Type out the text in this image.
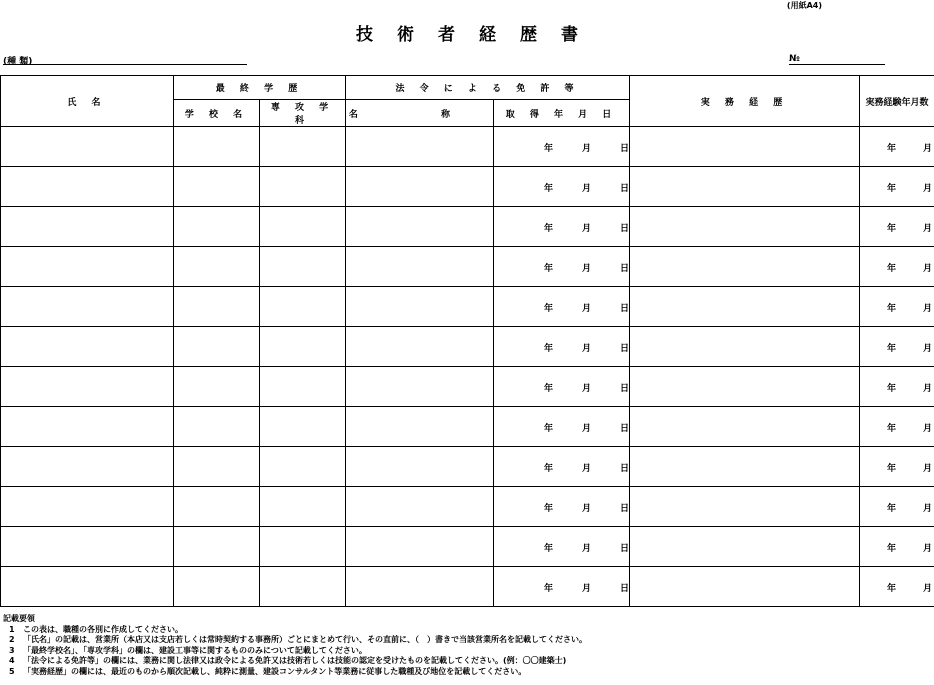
(用紙A4)
技術者経歴書
(種 類)	№
氏 名	最 終 学 歴		法 令 に よ る 免 許 等		実 務 経 歴	実務経験年月数
	学 校 名	専 攻 学 科	名 称	取 得 年 月 日		

				年 月 日		年 月

				年 月 日		年 月

				年 月 日		年 月

				年 月 日		年 月

				年 月 日		年 月

				年 月 日		年 月

				年 月 日		年 月

				年 月 日		年 月

				年 月 日		年 月

				年 月 日		年 月

				年 月 日		年 月

				年 月 日		年 月
記載要領
1 この表は、職種の各別に作成してください。
2 「氏名」の記載は、営業所（本店又は支店若しくは常時契約する事務所）ごとにまとめて行い、その直前に、（　）書きで当該営業所名を記載してください。
3 「最終学校名」、「専攻学科」の欄は、建設工事等に関するもののみについて記載してください。
4 「法令による免許等」の欄には、業務に関し法律又は政令による免許又は技術若しくは技能の認定を受けたものを記載してください。(例：〇〇建築士)
5 「実務経歴」の欄には、最近のものから順次記載し、純粋に測量、建設コンサルタント等業務に従事した職種及び地位を記載してください。
